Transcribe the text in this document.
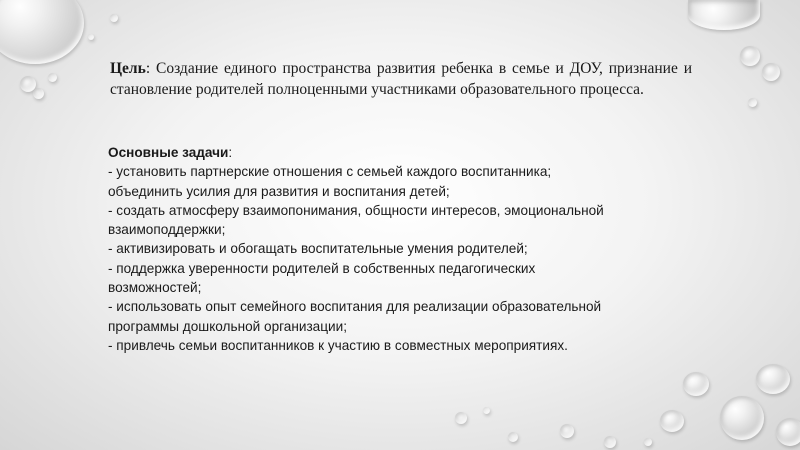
Цель: Создание единого пространства развития ребенка в семье и ДОУ, признание и становление родителей полноценными участниками образовательного процесса.

Основные задачи:
- установить партнерские отношения с семьей каждого воспитанника;
объединить усилия для развития и воспитания детей;
- создать атмосферу взаимопонимания, общности интересов, эмоциональной
взаимоподдержки;
- активизировать и обогащать воспитательные умения родителей;
- поддержка уверенности родителей в собственных педагогических
возможностей;
- использовать опыт семейного воспитания для реализации образовательной
программы дошкольной организации;
- привлечь семьи воспитанников к участию в совместных мероприятиях.
